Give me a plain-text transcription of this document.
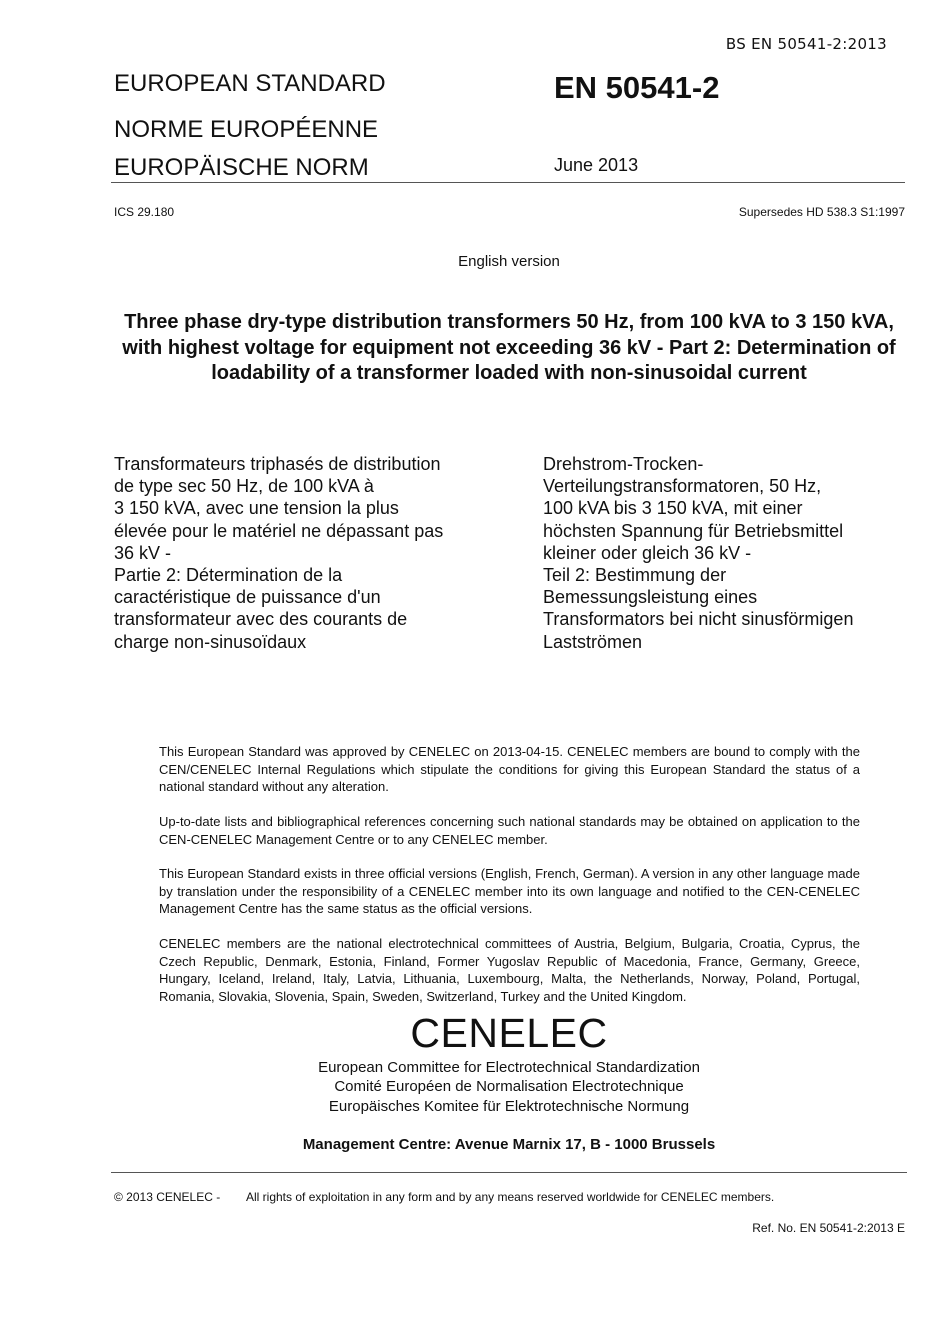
BS EN 50541-2:2013
EUROPEAN STANDARD
NORME EUROPÉENNE
EUROPÄISCHE NORM
EN 50541-2
June 2013
ICS 29.180	Supersedes HD 538.3 S1:1997
English version
Three phase dry-type distribution transformers 50 Hz, from 100 kVA to 3 150 kVA, with highest voltage for equipment not exceeding 36 kV - Part 2: Determination of loadability of a transformer loaded with non-sinusoidal current
Transformateurs triphasés de distribution
de type sec 50 Hz, de 100 kVA à
3 150 kVA, avec une tension la plus
élevée pour le matériel ne dépassant pas
36 kV -
Partie 2: Détermination de la
caractéristique de puissance d'un
transformateur avec des courants de
charge non-sinusoïdaux
Drehstrom-Trocken-
Verteilungstransformatoren, 50 Hz,
100 kVA bis 3 150 kVA, mit einer
höchsten Spannung für Betriebsmittel
kleiner oder gleich 36 kV -
Teil 2: Bestimmung der
Bemessungsleistung eines
Transformators bei nicht sinusförmigen
Lastströmen
This European Standard was approved by CENELEC on 2013-04-15. CENELEC members are bound to comply with the CEN/CENELEC Internal Regulations which stipulate the conditions for giving this European Standard the status of a national standard without any alteration.
Up-to-date lists and bibliographical references concerning such national standards may be obtained on application to the CEN-CENELEC Management Centre or to any CENELEC member.
This European Standard exists in three official versions (English, French, German). A version in any other language made by translation under the responsibility of a CENELEC member into its own language and notified to the CEN-CENELEC Management Centre has the same status as the official versions.
CENELEC members are the national electrotechnical committees of Austria, Belgium, Bulgaria, Croatia, Cyprus, the Czech Republic, Denmark, Estonia, Finland, Former Yugoslav Republic of Macedonia, France, Germany, Greece, Hungary, Iceland, Ireland, Italy, Latvia, Lithuania, Luxembourg, Malta, the Netherlands, Norway, Poland, Portugal, Romania, Slovakia, Slovenia, Spain, Sweden, Switzerland, Turkey and the United Kingdom.
CENELEC
European Committee for Electrotechnical Standardization
Comité Européen de Normalisation Electrotechnique
Europäisches Komitee für Elektrotechnische Normung
Management Centre: Avenue Marnix 17, B - 1000 Brussels
© 2013 CENELEC - All rights of exploitation in any form and by any means reserved worldwide for CENELEC members.
Ref. No. EN 50541-2:2013 E
